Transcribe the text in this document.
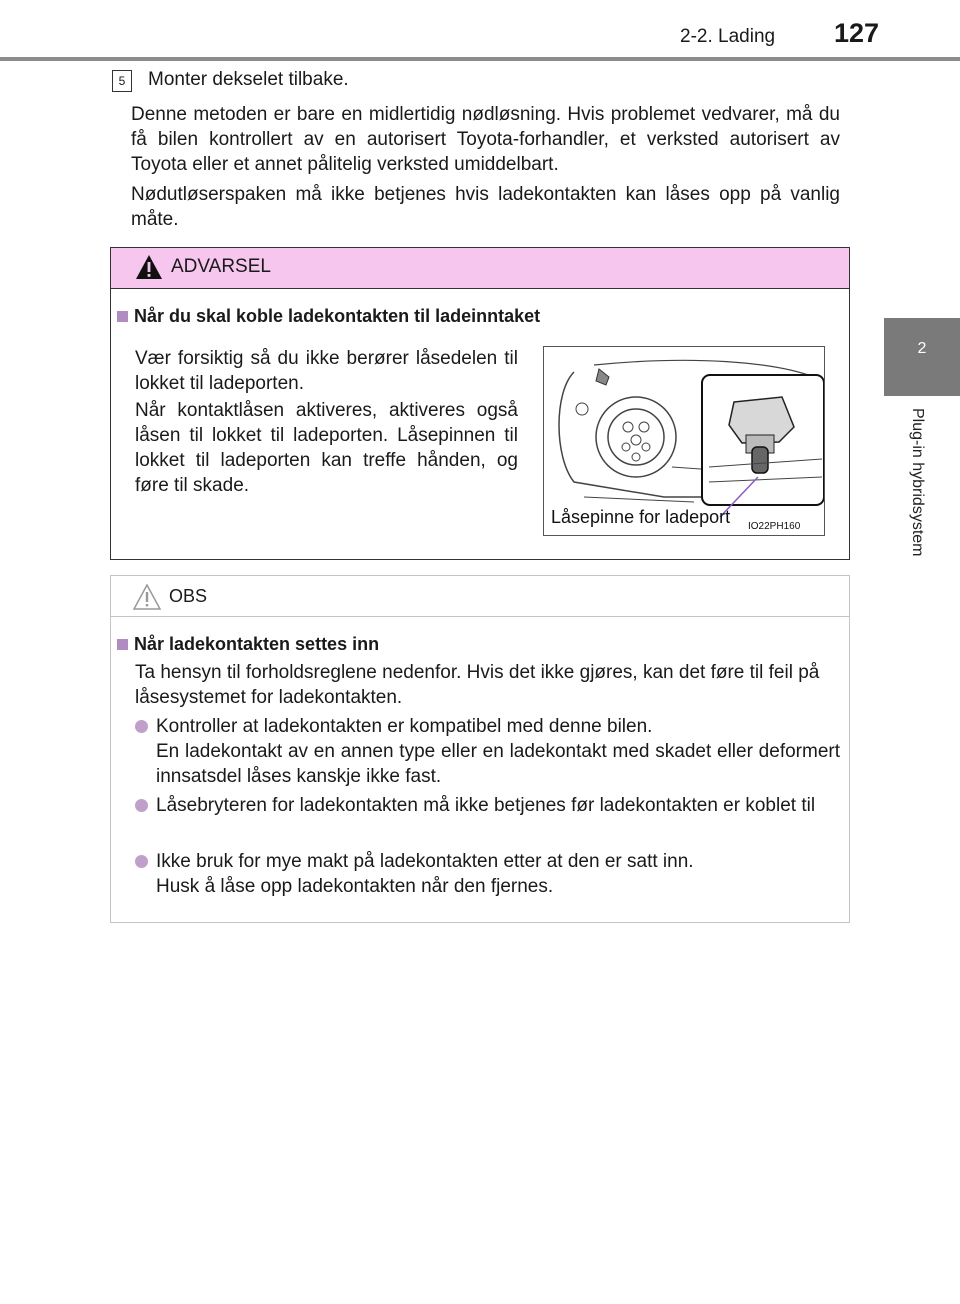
2-2. Lading 127
2
Plug-in hybridsystem
5	Monter dekselet tilbake.
Denne metoden er bare en midlertidig nødløsning. Hvis problemet vedvarer, må du få bilen kontrollert av en autorisert Toyota-forhandler, et verksted autorisert av Toyota eller et annet pålitelig verksted umiddelbart.
Nødutløserspaken må ikke betjenes hvis ladekontakten kan låses opp på vanlig måte.
ADVARSEL
Når du skal koble ladekontakten til ladeinntaket
Vær forsiktig så du ikke berører låsedelen til lokket til ladeporten.
Når kontaktlåsen aktiveres, aktiveres også låsen til lokket til ladeporten. Låsepinnen til lokket til ladeporten kan treffe hånden, og føre til skade.
Låsepinne for ladeport IO22PH160
OBS
Når ladekontakten settes inn
Ta hensyn til forholdsreglene nedenfor. Hvis det ikke gjøres, kan det føre til feil på låsesystemet for ladekontakten.
Kontroller at ladekontakten er kompatibel med denne bilen.
En ladekontakt av en annen type eller en ladekontakt med skadet eller deformert innsatsdel låses kanskje ikke fast.
Låsebryteren for ladekontakten må ikke betjenes før ladekontakten er koblet til
Ikke bruk for mye makt på ladekontakten etter at den er satt inn.
Husk å låse opp ladekontakten når den fjernes.
